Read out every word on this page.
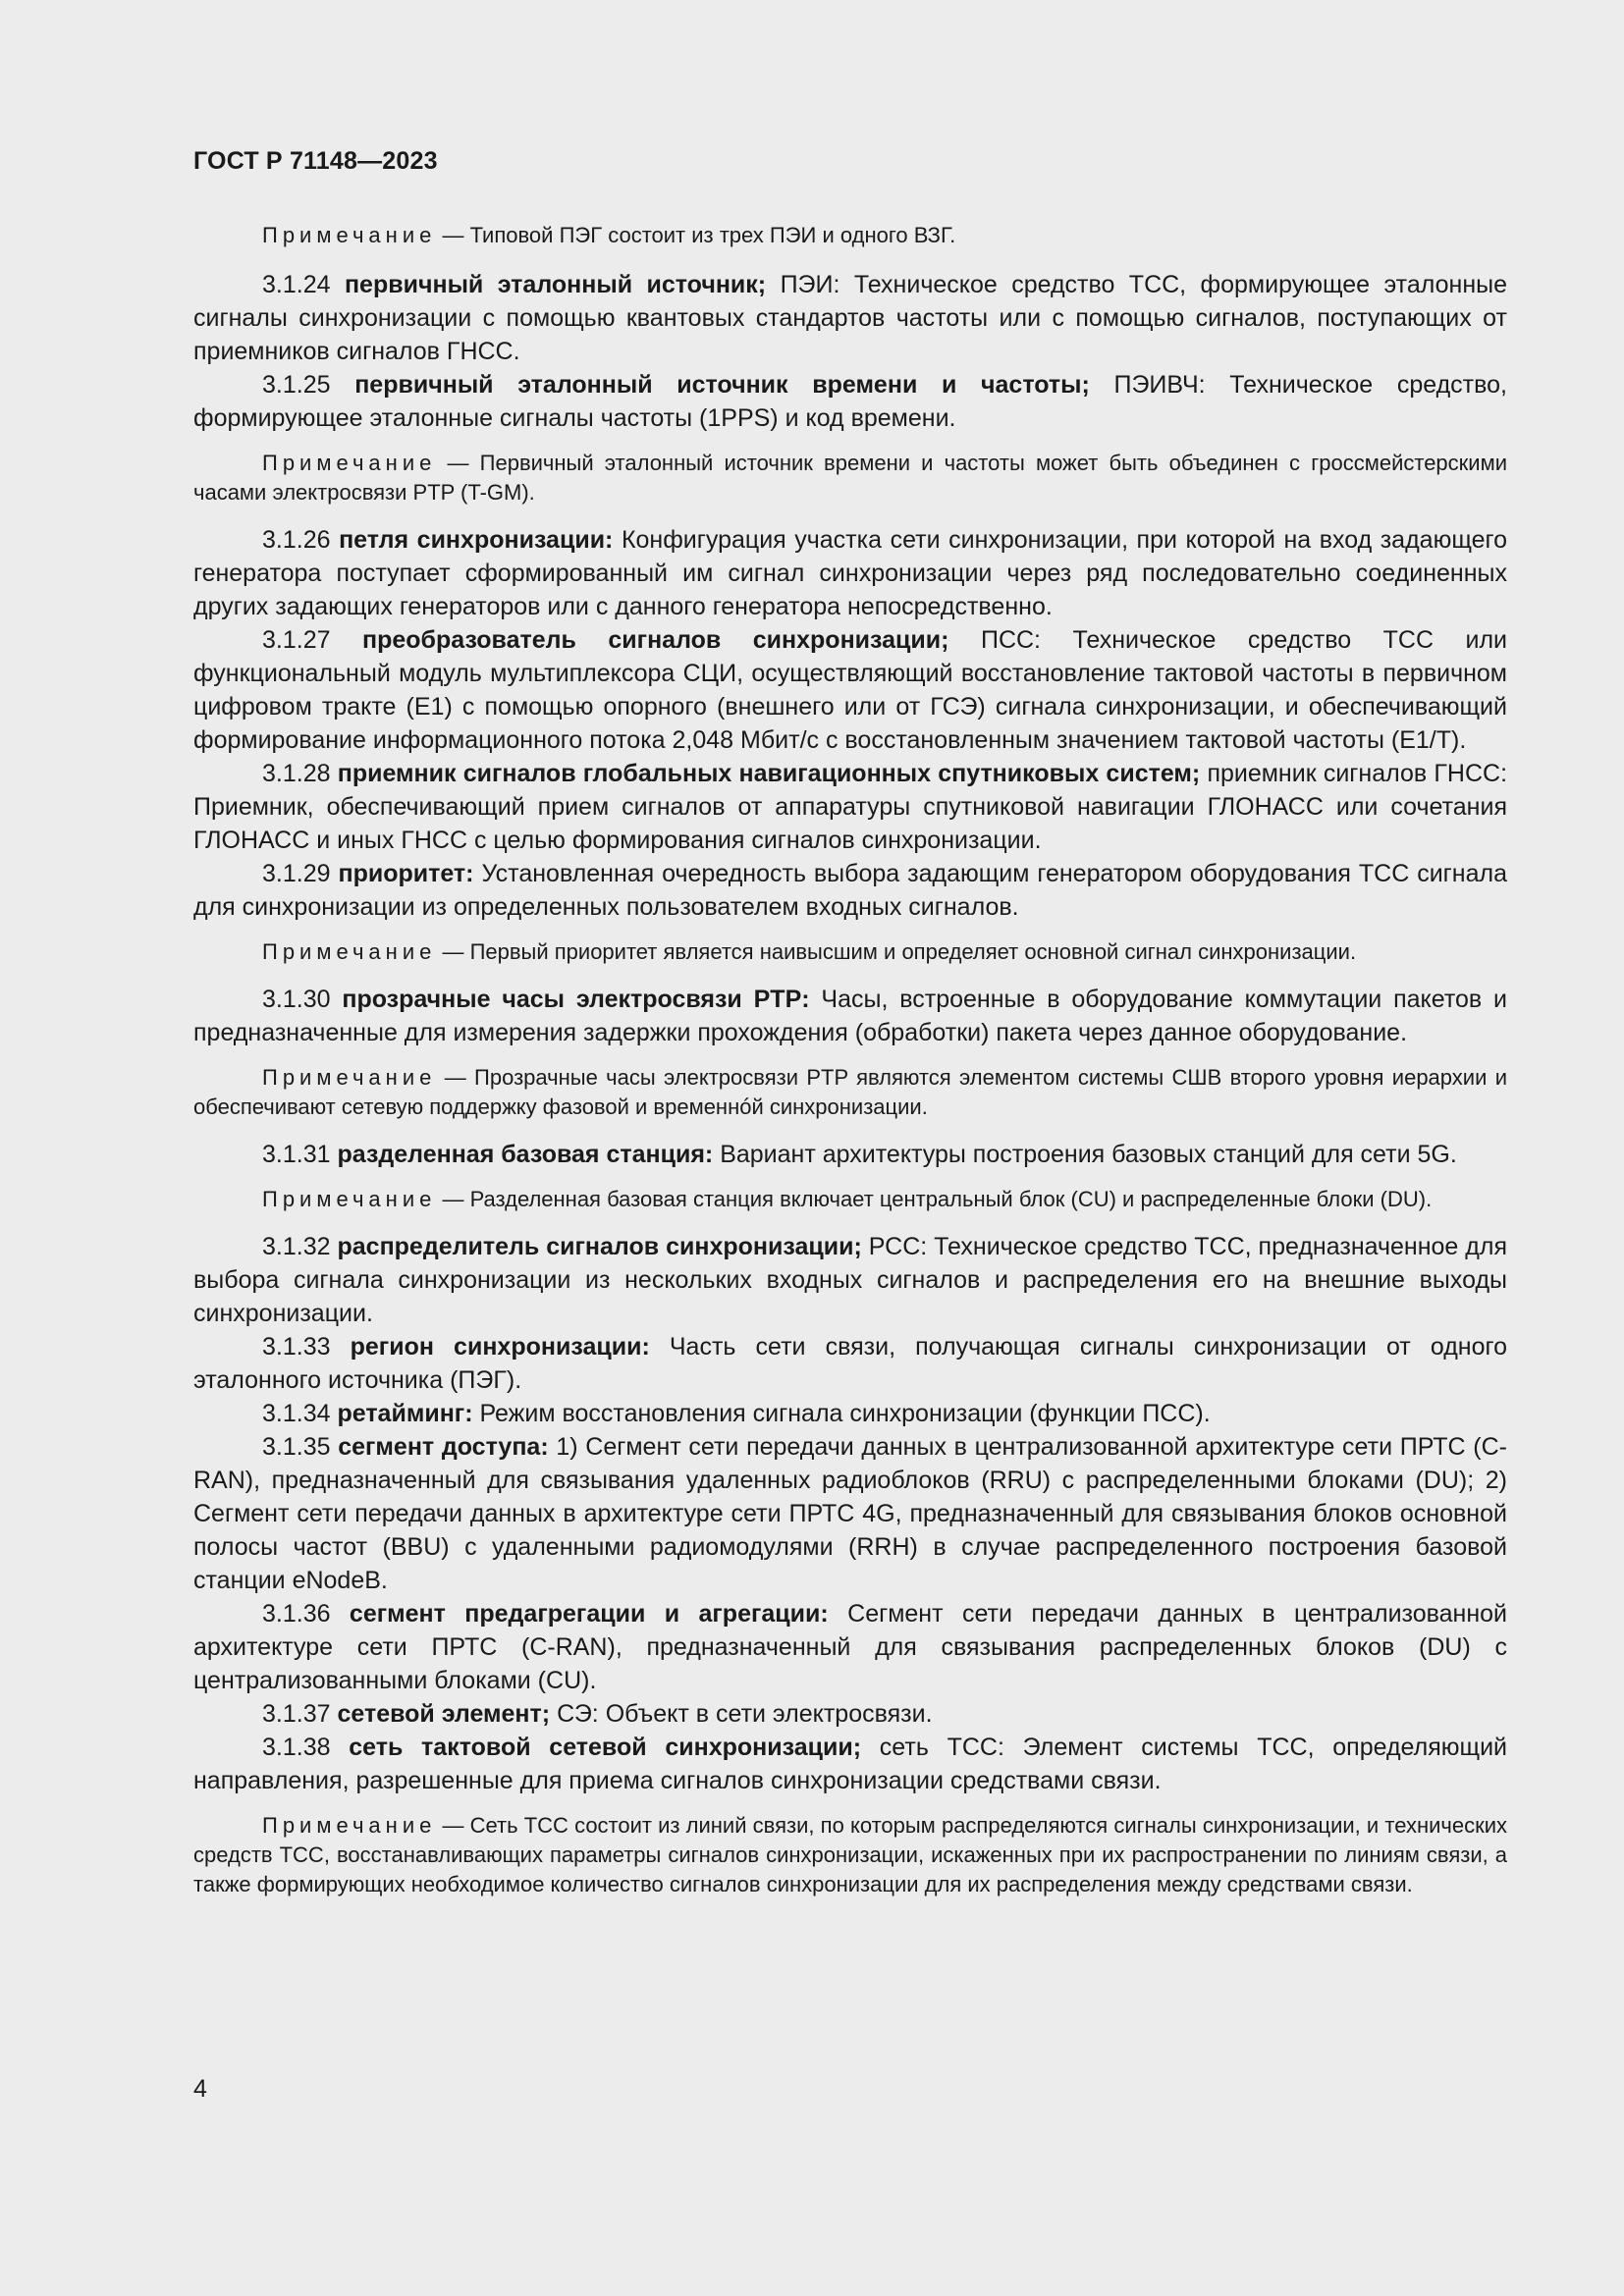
ГОСТ Р 71148—2023

Примечание — Типовой ПЭГ состоит из трех ПЭИ и одного ВЗГ.

3.1.24 первичный эталонный источник; ПЭИ: Техническое средство ТСС, формирующее эталонные сигналы синхронизации с помощью квантовых стандартов частоты или с помощью сигналов, поступающих от приемников сигналов ГНСС.

3.1.25 первичный эталонный источник времени и частоты; ПЭИВЧ: Техническое средство, формирующее эталонные сигналы частоты (1PPS) и код времени.

Примечание — Первичный эталонный источник времени и частоты может быть объединен с гроссмейстерскими часами электросвязи PTP (T-GM).

3.1.26 петля синхронизации: Конфигурация участка сети синхронизации, при которой на вход задающего генератора поступает сформированный им сигнал синхронизации через ряд последовательно соединенных других задающих генераторов или с данного генератора непосредственно.

3.1.27 преобразователь сигналов синхронизации; ПСС: Техническое средство ТСС или функциональный модуль мультиплексора СЦИ, осуществляющий восстановление тактовой частоты в первичном цифровом тракте (Е1) с помощью опорного (внешнего или от ГСЭ) сигнала синхронизации, и обеспечивающий формирование информационного потока 2,048 Мбит/с с восстановленным значением тактовой частоты (Е1/Т).

3.1.28 приемник сигналов глобальных навигационных спутниковых систем; приемник сигналов ГНСС: Приемник, обеспечивающий прием сигналов от аппаратуры спутниковой навигации ГЛОНАСС или сочетания ГЛОНАСС и иных ГНСС с целью формирования сигналов синхронизации.

3.1.29 приоритет: Установленная очередность выбора задающим генератором оборудования ТСС сигнала для синхронизации из определенных пользователем входных сигналов.

Примечание — Первый приоритет является наивысшим и определяет основной сигнал синхронизации.

3.1.30 прозрачные часы электросвязи PTP: Часы, встроенные в оборудование коммутации пакетов и предназначенные для измерения задержки прохождения (обработки) пакета через данное оборудование.

Примечание — Прозрачные часы электросвязи PTP являются элементом системы СШВ второго уровня иерархии и обеспечивают сетевую поддержку фазовой и временнóй синхронизации.

3.1.31 разделенная базовая станция: Вариант архитектуры построения базовых станций для сети 5G.

Примечание — Разделенная базовая станция включает центральный блок (CU) и распределенные блоки (DU).

3.1.32 распределитель сигналов синхронизации; РСС: Техническое средство ТСС, предназначенное для выбора сигнала синхронизации из нескольких входных сигналов и распределения его на внешние выходы синхронизации.

3.1.33 регион синхронизации: Часть сети связи, получающая сигналы синхронизации от одного эталонного источника (ПЭГ).

3.1.34 ретайминг: Режим восстановления сигнала синхронизации (функции ПСС).

3.1.35 сегмент доступа: 1) Сегмент сети передачи данных в централизованной архитектуре сети ПРТС (C-RAN), предназначенный для связывания удаленных радиоблоков (RRU) с распределенными блоками (DU); 2) Сегмент сети передачи данных в архитектуре сети ПРТС 4G, предназначенный для связывания блоков основной полосы частот (BBU) с удаленными радиомодулями (RRH) в случае распределенного построения базовой станции eNodeB.

3.1.36 сегмент предагрегации и агрегации: Сегмент сети передачи данных в централизованной архитектуре сети ПРТС (C-RAN), предназначенный для связывания распределенных блоков (DU) с централизованными блоками (CU).

3.1.37 сетевой элемент; СЭ: Объект в сети электросвязи.

3.1.38 сеть тактовой сетевой синхронизации; сеть ТСС: Элемент системы ТСС, определяющий направления, разрешенные для приема сигналов синхронизации средствами связи.

Примечание — Сеть ТСС состоит из линий связи, по которым распределяются сигналы синхронизации, и технических средств ТСС, восстанавливающих параметры сигналов синхронизации, искаженных при их распространении по линиям связи, а также формирующих необходимое количество сигналов синхронизации для их распределения между средствами связи.

4
